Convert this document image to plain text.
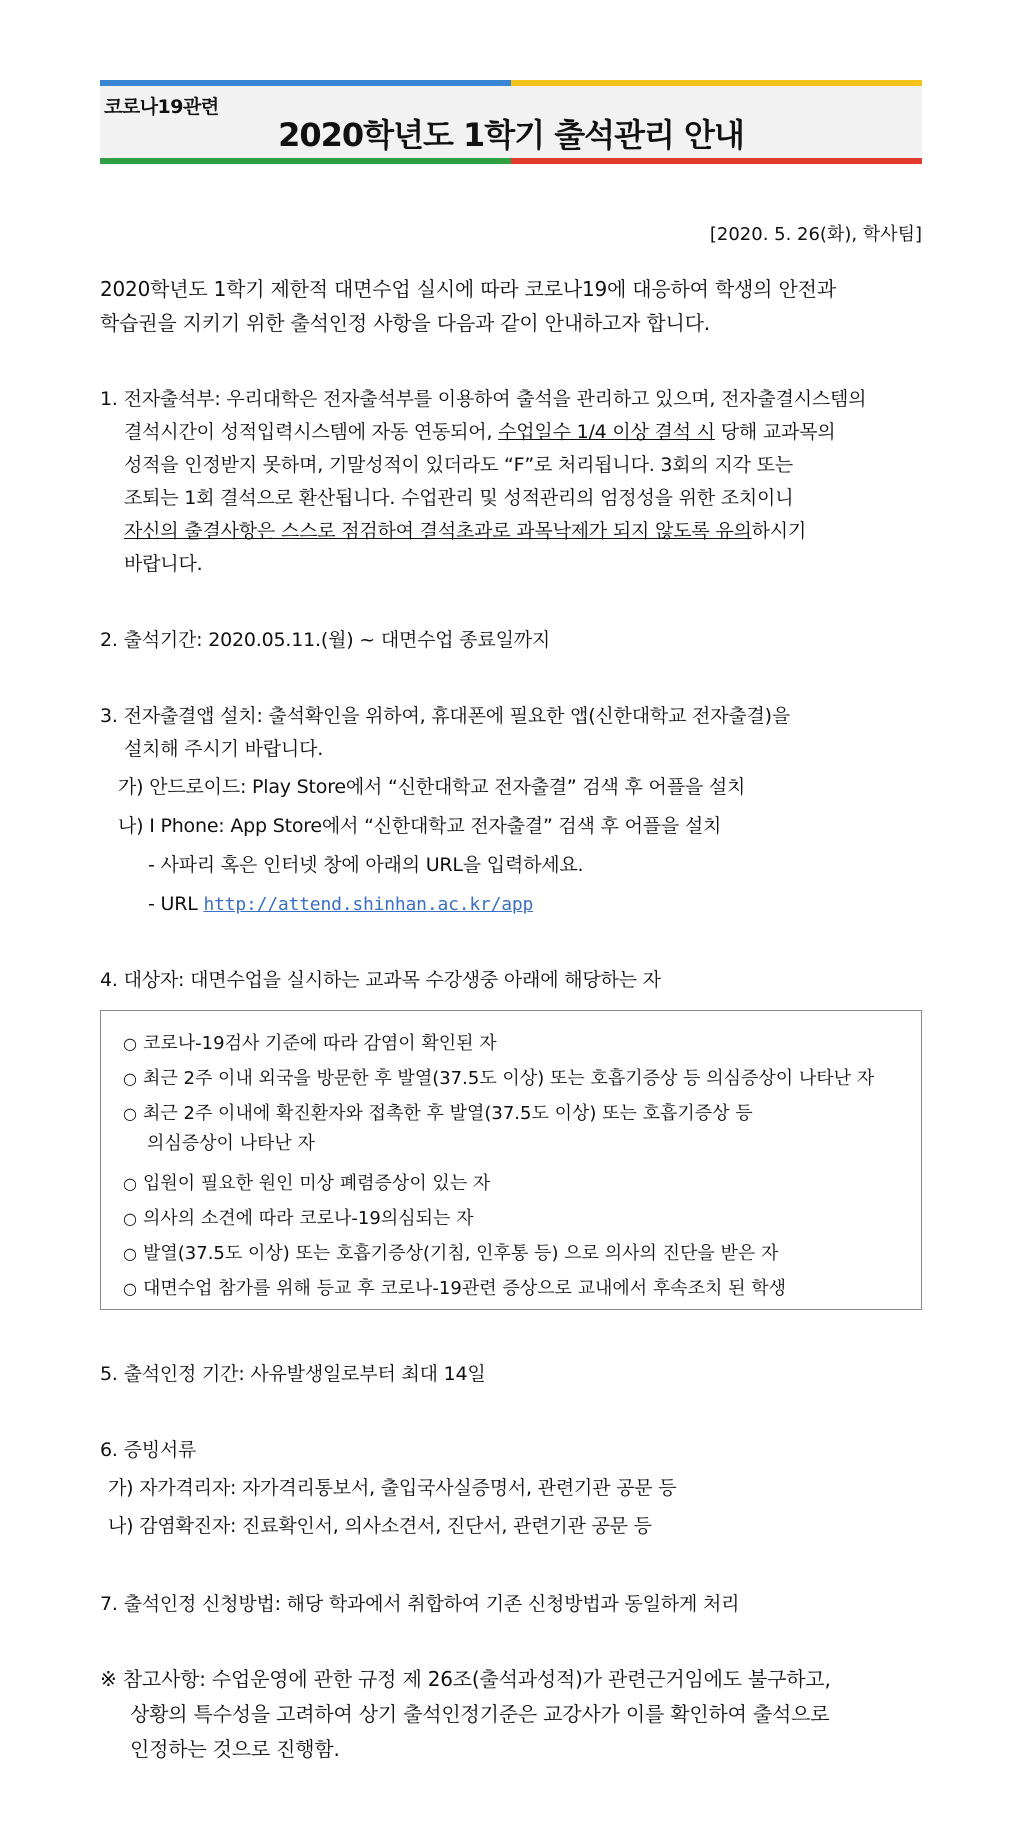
코로나19관련
2020학년도 1학기 출석관리 안내
[2020. 5. 26(화), 학사팀]
2020학년도 1학기 제한적 대면수업 실시에 따라 코로나19에 대응하여 학생의 안전과
학습권을 지키기 위한 출석인정 사항을 다음과 같이 안내하고자 합니다.
1. 전자출석부: 우리대학은 전자출석부를 이용하여 출석을 관리하고 있으며, 전자출결시스템의
결석시간이 성적입력시스템에 자동 연동되어, 수업일수 1/4 이상 결석 시 당해 교과목의
성적을 인정받지 못하며, 기말성적이 있더라도 “F”로 처리됩니다. 3회의 지각 또는
조퇴는 1회 결석으로 환산됩니다. 수업관리 및 성적관리의 엄정성을 위한 조치이니
자신의 출결사항은 스스로 점검하여 결석초과로 과목낙제가 되지 않도록 유의하시기
바랍니다.
2. 출석기간: 2020.05.11.(월) ~ 대면수업 종료일까지
3. 전자출결앱 설치: 출석확인을 위하여, 휴대폰에 필요한 앱(신한대학교 전자출결)을
설치해 주시기 바랍니다.
가) 안드로이드: Play Store에서 “신한대학교 전자출결” 검색 후 어플을 설치
나) I Phone: App Store에서 “신한대학교 전자출결” 검색 후 어플을 설치
- 사파리 혹은 인터넷 창에 아래의 URL을 입력하세요.
- URL http://attend.shinhan.ac.kr/app
4. 대상자: 대면수업을 실시하는 교과목 수강생중 아래에 해당하는 자
○ 코로나-19검사 기준에 따라 감염이 확인된 자
○ 최근 2주 이내 외국을 방문한 후 발열(37.5도 이상) 또는 호흡기증상 등 의심증상이 나타난 자
○ 최근 2주 이내에 확진환자와 접촉한 후 발열(37.5도 이상) 또는 호흡기증상 등
의심증상이 나타난 자
○ 입원이 필요한 원인 미상 폐렴증상이 있는 자
○ 의사의 소견에 따라 코로나-19의심되는 자
○ 발열(37.5도 이상) 또는 호흡기증상(기침, 인후통 등) 으로 의사의 진단을 받은 자
○ 대면수업 참가를 위해 등교 후 코로나-19관련 증상으로 교내에서 후속조치 된 학생
5. 출석인정 기간: 사유발생일로부터 최대 14일
6. 증빙서류
가) 자가격리자: 자가격리통보서, 출입국사실증명서, 관련기관 공문 등
나) 감염확진자: 진료확인서, 의사소견서, 진단서, 관련기관 공문 등
7. 출석인정 신청방법: 해당 학과에서 취합하여 기존 신청방법과 동일하게 처리
※ 참고사항: 수업운영에 관한 규정 제 26조(출석과성적)가 관련근거임에도 불구하고,
상황의 특수성을 고려하여 상기 출석인정기준은 교강사가 이를 확인하여 출석으로
인정하는 것으로 진행함.
